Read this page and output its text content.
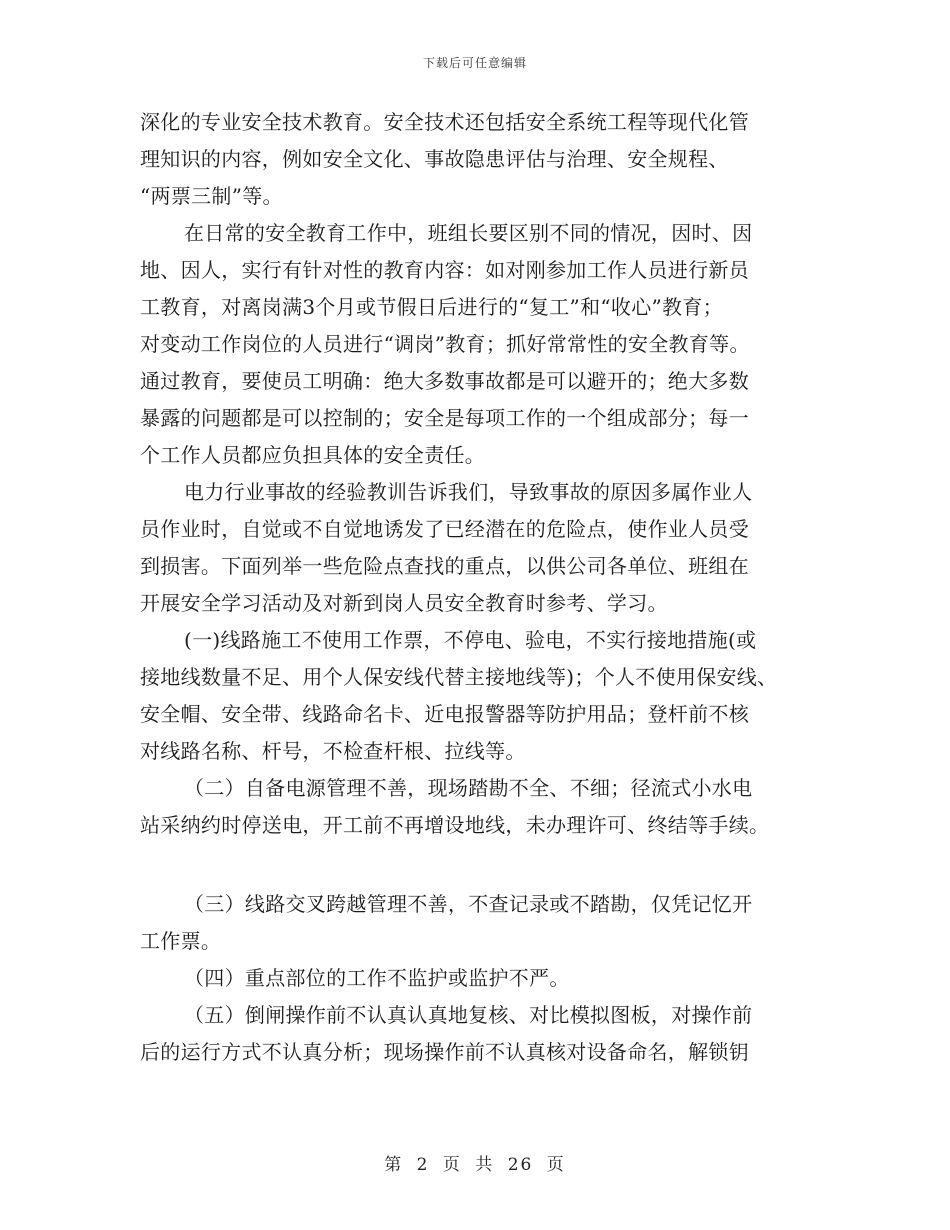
下载后可任意编辑
深化的专业安全技术教育。安全技术还包括安全系统工程等现代化管
理知识的内容，例如安全文化、事故隐患评估与治理、安全规程、
“两票三制”等。
在日常的安全教育工作中，班组长要区别不同的情况，因时、因
地、因人，实行有针对性的教育内容：如对刚参加工作人员进行新员
工教育，对离岗满3个月或节假日后进行的“复工”和“收心”教育；
对变动工作岗位的人员进行“调岗”教育；抓好常常性的安全教育等。
通过教育，要使员工明确：绝大多数事故都是可以避开的；绝大多数
暴露的问题都是可以控制的；安全是每项工作的一个组成部分；每一
个工作人员都应负担具体的安全责任。
电力行业事故的经验教训告诉我们，导致事故的原因多属作业人
员作业时，自觉或不自觉地诱发了已经潜在的危险点，使作业人员受
到损害。下面列举一些危险点查找的重点，以供公司各单位、班组在
开展安全学习活动及对新到岗人员安全教育时参考、学习。
(一)线路施工不使用工作票，不停电、验电，不实行接地措施(或
接地线数量不足、用个人保安线代替主接地线等)；个人不使用保安线、
安全帽、安全带、线路命名卡、近电报警器等防护用品；登杆前不核
对线路名称、杆号，不检查杆根、拉线等。
（二）自备电源管理不善，现场踏勘不全、不细；径流式小水电
站采纳约时停送电，开工前不再增设地线，未办理许可、终结等手续。
（三）线路交叉跨越管理不善，不查记录或不踏勘，仅凭记忆开
工作票。
（四）重点部位的工作不监护或监护不严。
（五）倒闸操作前不认真认真地复核、对比模拟图板，对操作前
后的运行方式不认真分析；现场操作前不认真核对设备命名，解锁钥
第 2 页 共 26 页
